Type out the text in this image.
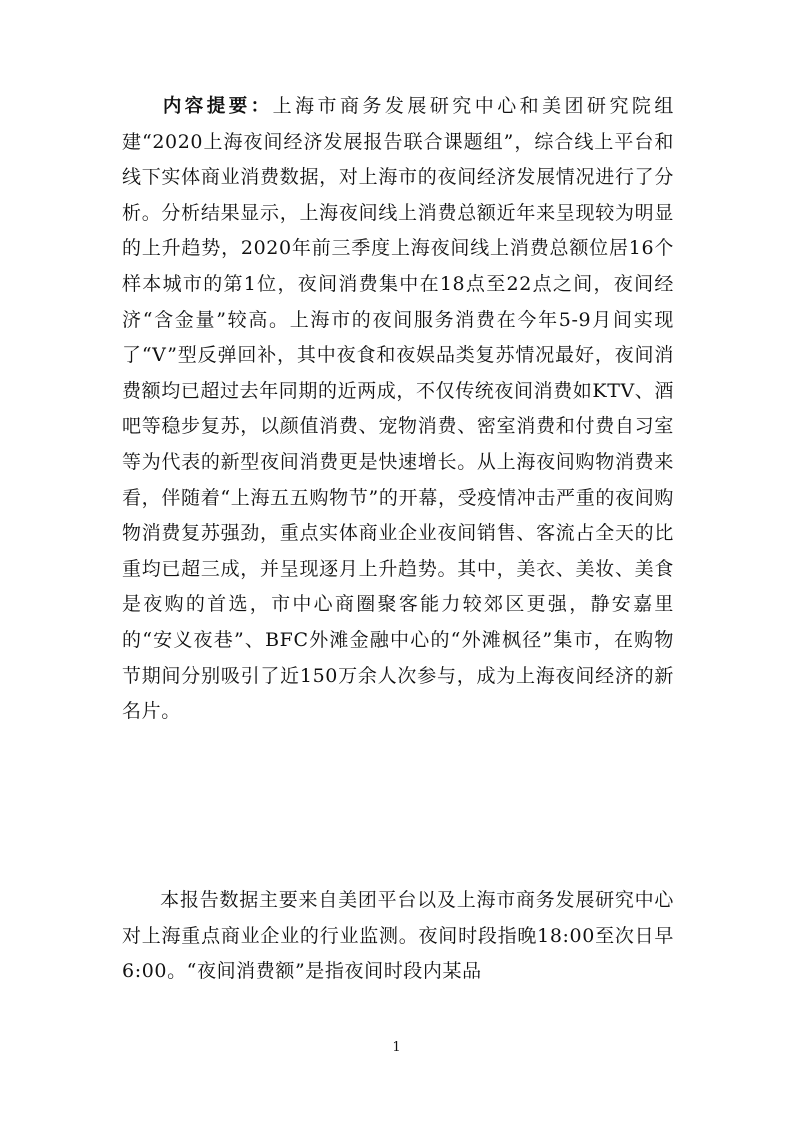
内容提要：上海市商务发展研究中心和美团研究院组建“2020上海夜间经济发展报告联合课题组”，综合线上平台和线下实体商业消费数据，对上海市的夜间经济发展情况进行了分析。分析结果显示，上海夜间线上消费总额近年来呈现较为明显的上升趋势，2020年前三季度上海夜间线上消费总额位居16个样本城市的第1位，夜间消费集中在18点至22点之间，夜间经济“含金量”较高。上海市的夜间服务消费在今年5-9月间实现了“V”型反弹回补，其中夜食和夜娱品类复苏情况最好，夜间消费额均已超过去年同期的近两成，不仅传统夜间消费如KTV、酒吧等稳步复苏，以颜值消费、宠物消费、密室消费和付费自习室等为代表的新型夜间消费更是快速增长。从上海夜间购物消费来看，伴随着“上海五五购物节”的开幕，受疫情冲击严重的夜间购物消费复苏强劲，重点实体商业企业夜间销售、客流占全天的比重均已超三成，并呈现逐月上升趋势。其中，美衣、美妆、美食是夜购的首选，市中心商圈聚客能力较郊区更强，静安嘉里的“安义夜巷”、BFC外滩金融中心的“外滩枫径”集市，在购物节期间分别吸引了近150万余人次参与，成为上海夜间经济的新名片。

本报告数据主要来自美团平台以及上海市商务发展研究中心对上海重点商业企业的行业监测。夜间时段指晚18:00至次日早6:00。“夜间消费额”是指夜间时段内某品

1
